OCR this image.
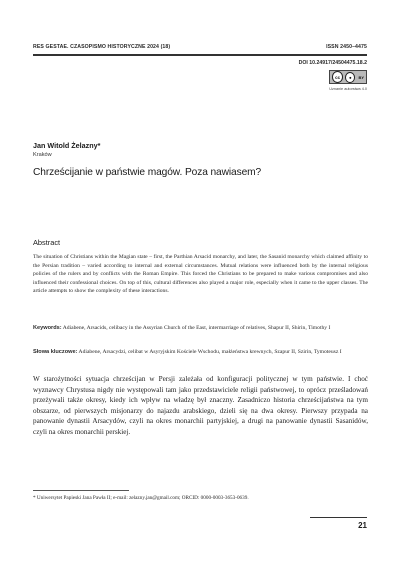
RES GESTAE. CZASOPISMO HISTORYCZNE 2024 (18)	ISSN 2450–4475
DOI 10.24917/24504475.18.2
cc	●	BY
Uznanie autorstwa 4.0
Jan Witold Żelazny*
Kraków
Chrześcijanie w państwie magów. Poza nawiasem?
Abstract
The situation of Christians within the Magian state – first, the Parthian Arsacid monarchy, and later, the Sasanid monarchy which claimed affinity to the Persian tradition – varied according to internal and external circumstances. Mutual relations were influenced both by the internal religious policies of the rulers and by conflicts with the Roman Empire. This forced the Christians to be prepared to make various compromises and also influenced their confessional choices. On top of this, cultural differences also played a major role, especially when it came to the upper classes. The article attempts to show the complexity of these interactions.
Keywords: Adiabene, Arsacids, celibacy in the Assyrian Church of the East, intermarriage of relatives, Shapur II, Shirin, Timothy I
Słowa kluczowe: Adiabene, Arsacydzi, celibat w Asyryjskim Kościele Wschodu, małżeństwa krewnych, Szapur II, Szirin, Tymoteusz I
W starożytności sytuacja chrześcijan w Persji zależała od konfiguracji politycznej w tym państwie. I choć wyznawcy Chrystusa nigdy nie występowali tam jako przedstawiciele religii państwowej, to oprócz prześladowań przeżywali także okresy, kiedy ich wpływ na władzę był znaczny. Zasadniczo historia chrześcijaństwa na tym obszarze, od pierwszych misjonarzy do najazdu arabskiego, dzieli się na dwa okresy. Pierwszy przypada na panowanie dynastii Arsacydów, czyli na okres monarchii partyjskiej, a drugi na panowanie dynastii Sasanidów, czyli na okres monarchii perskiej.
* Uniwersytet Papieski Jana Pawła II; e-mail: zelazny.jan@gmail.com; ORCID: 0000-0003-3653-0639.
21
